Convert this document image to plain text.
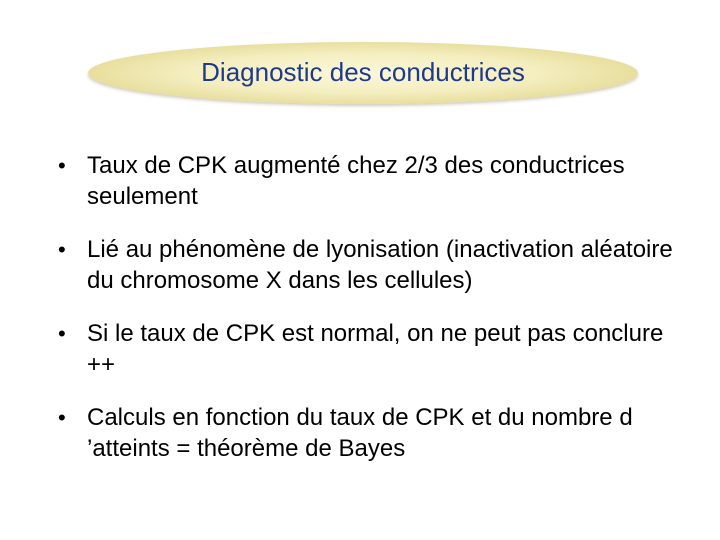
Diagnostic des conductrices
• Taux de CPK augmenté chez 2/3 des conductrices seulement
• Lié au phénomène de lyonisation (inactivation aléatoire du chromosome X dans les cellules)
• Si le taux de CPK est normal, on ne peut pas conclure ++
• Calculs en fonction du taux de CPK et du nombre d ’atteints = théorème de Bayes
